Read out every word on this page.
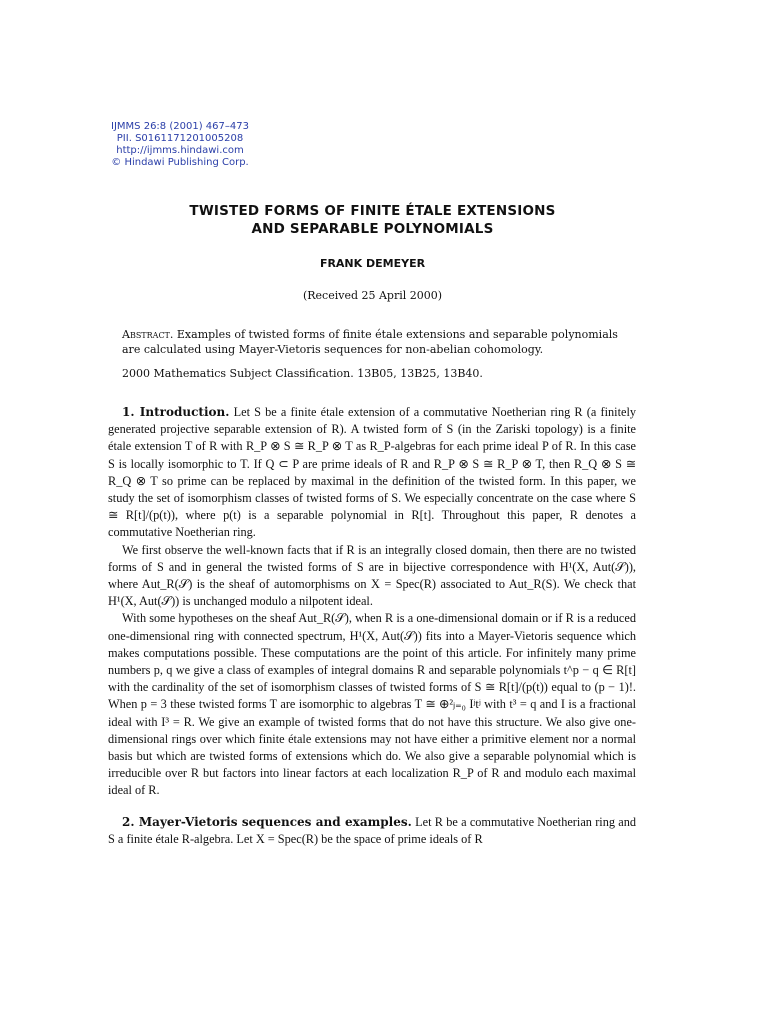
IJMMS 26:8 (2001) 467–473
PII. S0161171201005208
http://ijmms.hindawi.com
© Hindawi Publishing Corp.
TWISTED FORMS OF FINITE ÉTALE EXTENSIONS
AND SEPARABLE POLYNOMIALS
FRANK DEMEYER
(Received 25 April 2000)
Abstract. Examples of twisted forms of finite étale extensions and separable polynomials are calculated using Mayer-Vietoris sequences for non-abelian cohomology.
2000 Mathematics Subject Classification. 13B05, 13B25, 13B40.

1. Introduction. Let S be a finite étale extension of a commutative Noetherian ring R (a finitely generated projective separable extension of R). A twisted form of S (in the Zariski topology) is a finite étale extension T of R with R_P ⊗ S ≅ R_P ⊗ T as R_P-algebras for each prime ideal P of R. In this case S is locally isomorphic to T. If Q ⊂ P are prime ideals of R and R_P ⊗ S ≅ R_P ⊗ T, then R_Q ⊗ S ≅ R_Q ⊗ T so prime can be replaced by maximal in the definition of the twisted form. In this paper, we study the set of isomorphism classes of twisted forms of S. We especially concentrate on the case where S ≅ R[t]/(p(t)), where p(t) is a separable polynomial in R[t]. Throughout this paper, R denotes a commutative Noetherian ring.

We first observe the well-known facts that if R is an integrally closed domain, then there are no twisted forms of S and in general the twisted forms of S are in bijective correspondence with H¹(X, Aut(𝒮)), where Aut_R(𝒮) is the sheaf of automorphisms on X = Spec(R) associated to Aut_R(S). We check that H¹(X, Aut(𝒮)) is unchanged modulo a nilpotent ideal.

With some hypotheses on the sheaf Aut_R(𝒮), when R is a one-dimensional domain or if R is a reduced one-dimensional ring with connected spectrum, H¹(X, Aut(𝒮)) fits into a Mayer-Vietoris sequence which makes computations possible. These computations are the point of this article. For infinitely many prime numbers p, q we give a class of examples of integral domains R and separable polynomials t^p − q ∈ R[t] with the cardinality of the set of isomorphism classes of twisted forms of S ≅ R[t]/(p(t)) equal to (p − 1)!. When p = 3 these twisted forms T are isomorphic to algebras T ≅ ⊕²ⱼ₌₀ Iʲtʲ with t³ = q and I is a fractional ideal with I³ = R. We give an example of twisted forms that do not have this structure. We also give one-dimensional rings over which finite étale extensions may not have either a primitive element nor a normal basis but which are twisted forms of extensions which do. We also give a separable polynomial which is irreducible over R but factors into linear factors at each localization R_P of R and modulo each maximal ideal of R.

2. Mayer-Vietoris sequences and examples. Let R be a commutative Noetherian ring and S a finite étale R-algebra. Let X = Spec(R) be the space of prime ideals of R
